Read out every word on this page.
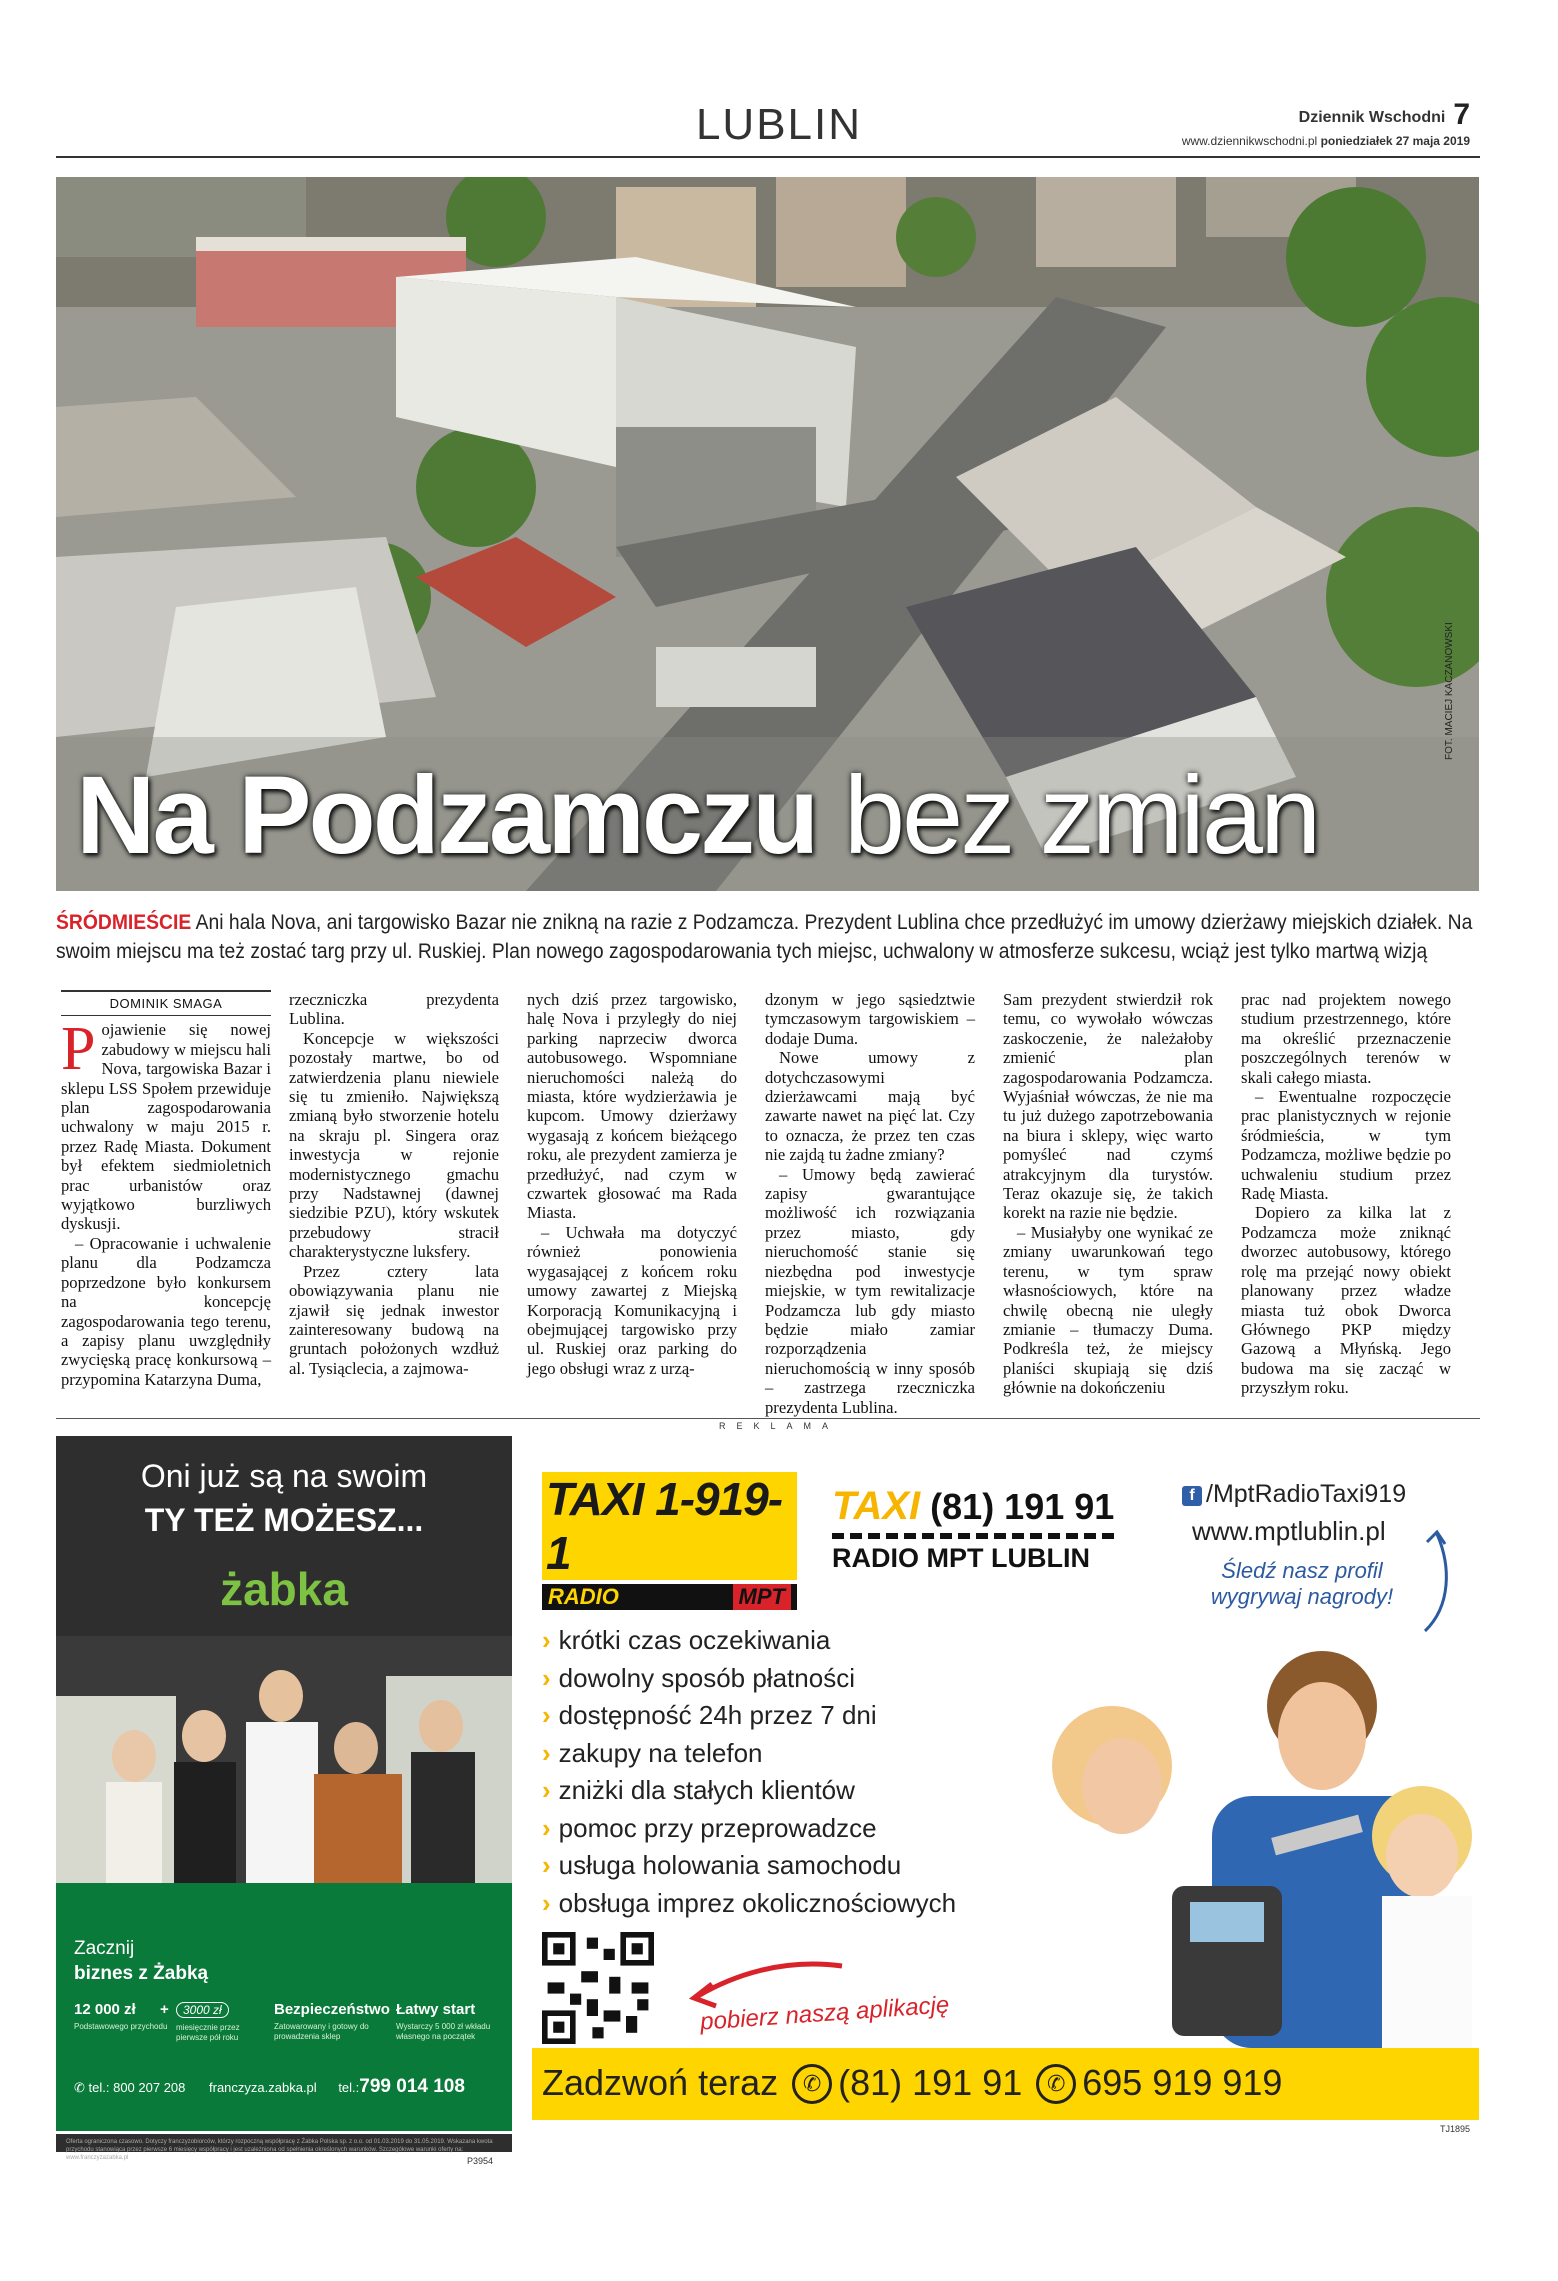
LUBLIN	Dziennik Wschodni 7
www.dziennikwschodni.pl poniedziałek 27 maja 2019
Na Podzamczu bez zmian
FOT. MACIEJ KACZANOWSKI
ŚRÓDMIEŚCIE Ani hala Nova, ani targowisko Bazar nie znikną na razie z Podzamcza. Prezydent Lublina chce przedłużyć im umowy dzierżawy miejskich działek. Na swoim miejscu ma też zostać targ przy ul. Ruskiej. Plan nowego zagospodarowania tych miejsc, uchwalony w atmosferze sukcesu, wciąż jest tylko martwą wizją
DOMINIK SMAGA
P ojawienie się nowej zabudowy w miejscu hali Nova, targowiska Bazar i sklepu LSS Społem przewiduje plan zagospodarowania uchwalony w maju 2015 r. przez Radę Miasta. Dokument był efektem siedmioletnich prac urbanistów oraz wyjątkowo burzliwych dyskusji.

– Opracowanie i uchwalenie planu dla Podzamcza poprzedzone było konkursem na koncepcję zagospodarowania tego terenu, a zapisy planu uwzględniły zwycięską pracę konkursową – przypomina Katarzyna Duma,

rzeczniczka prezydenta Lublina.

Koncepcje w większości pozostały martwe, bo od zatwierdzenia planu niewiele się tu zmieniło. Największą zmianą było stworzenie hotelu na skraju pl. Singera oraz inwestycja w rejonie modernistycznego gmachu przy Nadstawnej (dawnej siedzibie PZU), który wskutek przebudowy stracił charakterystyczne luksfery.

Przez cztery lata obowiązywania planu nie zjawił się jednak inwestor zainteresowany budową na gruntach położonych wzdłuż al. Tysiąclecia, a zajmowa-

nych dziś przez targowisko, halę Nova i przyległy do niej parking naprzeciw dworca autobusowego. Wspomniane nieruchomości należą do miasta, które wydzierżawia je kupcom. Umowy dzierżawy wygasają z końcem bieżącego roku, ale prezydent zamierza je przedłużyć, nad czym w czwartek głosować ma Rada Miasta.

– Uchwała ma dotyczyć również ponowienia wygasającej z końcem roku umowy zawartej z Miejską Korporacją Komunikacyjną i obejmującej targowisko przy ul. Ruskiej oraz parking do jego obsługi wraz z urzą-

dzonym w jego sąsiedztwie tymczasowym targowiskiem – dodaje Duma.

Nowe umowy z dotychczasowymi dzierżawcami mają być zawarte nawet na pięć lat. Czy to oznacza, że przez ten czas nie zajdą tu żadne zmiany?

– Umowy będą zawierać zapisy gwarantujące możliwość ich rozwiązania przez miasto, gdy nieruchomość stanie się niezbędna pod inwestycje miejskie, w tym rewitalizacje Podzamcza lub gdy miasto będzie miało zamiar rozporządzenia nieruchomością w inny sposób – zastrzega rzeczniczka prezydenta Lublina.

Sam prezydent stwierdził rok temu, co wywołało wówczas zaskoczenie, że należałoby zmienić plan zagospodarowania Podzamcza. Wyjaśniał wówczas, że nie ma tu już dużego zapotrzebowania na biura i sklepy, więc warto pomyśleć nad czymś atrakcyjnym dla turystów. Teraz okazuje się, że takich korekt na razie nie będzie.

– Musiałyby one wynikać ze zmiany uwarunkowań tego terenu, w tym spraw własnościowych, które na chwilę obecną nie uległy zmianie – tłumaczy Duma. Podkreśla też, że miejscy planiści skupiają się dziś głównie na dokończeniu

prac nad projektem nowego studium przestrzennego, które ma określić przeznaczenie poszczególnych terenów w skali całego miasta.

– Ewentualne rozpoczęcie prac planistycznych w rejonie śródmieścia, w tym Podzamcza, możliwe będzie po uchwaleniu studium przez Radę Miasta.

Dopiero za kilka lat z Podzamcza może zniknąć dworzec autobusowy, którego rolę ma przejąć nowy obiekt planowany przez władze miasta tuż obok Dworca Głównego PKP między Gazową a Młyńską. Jego budowa ma się zacząć w przyszłym roku.

REKLAMA
Oni już są na swoim
TY TEŻ MOŻESZ...
żabka
Zacznij
biznes z Żabką
12 000 zł
Podstawowego przychodu
+	3000 zł
miesięcznie przez pierwsze pół roku
Bezpieczeństwo
Zatowarowany i gotowy do prowadzenia sklep
Łatwy start
Wystarczy 5 000 zł wkładu własnego na początek
✆ tel.: 800 207 208 franczyza.zabka.pl tel.:799 014 108
Oferta ograniczona czasowo. Dotyczy franczyzobiorców, którzy rozpoczną współpracę z Żabka Polska sp. z o.o. od 01.03.2019 do 31.05.2019. Wskazana kwota przychodu stanowiąca przez pierwsze 6 miesięcy współpracy i jest uzależniona od spełnienia określonych warunków. Szczegółowe warunki oferty na: www.franczyzazabka.pl	P3954
TAXI 1-919-1
MPT
RADIO
TAXI (81) 191 91
RADIO MPT LUBLIN
f /MptRadioTaxi919
www.mptlublin.pl
Śledź nasz profil
wygrywaj nagrody!
› krótki czas oczekiwania
› dowolny sposób płatności
› dostępność 24h przez 7 dni
› zakupy na telefon
› zniżki dla stałych klientów
› pomoc przy przeprowadzce
› usługa holowania samochodu
› obsługa imprez okolicznościowych
pobierz naszą aplikację
Zadzwoń teraz ✆ (81) 191 91 ✆ 695 919 919
TJ1895
